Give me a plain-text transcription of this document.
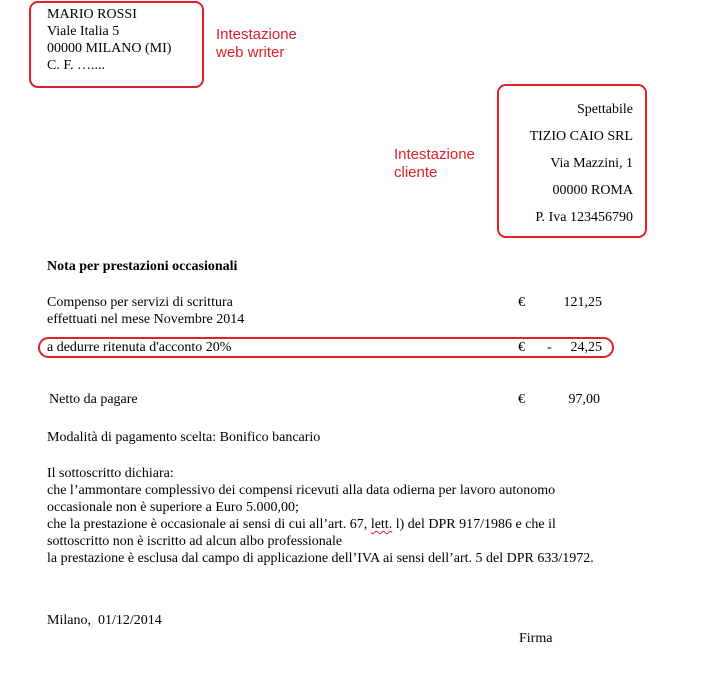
MARIO ROSSI
Viale Italia 5
00000 MILANO (MI)
C. F. …....
Intestazione
web writer
Spettabile
TIZIO CAIO SRL
Via Mazzini, 1
00000 ROMA
P. Iva 123456790
Intestazione
cliente
Nota per prestazioni occasionali
Compenso per servizi di scrittura
effettuati nel mese Novembre 2014
€	121,25
a dedurre ritenuta d'acconto 20%	€ -	24,25
Netto da pagare	€	97,00
Modalità di pagamento scelta: Bonifico bancario
Il sottoscritto dichiara:
che l’ammontare complessivo dei compensi ricevuti alla data odierna per lavoro autonomo
occasionale non è superiore a Euro 5.000,00;
che la prestazione è occasionale ai sensi di cui all’art. 67, lett. l) del DPR 917/1986 e che il
sottoscritto non è iscritto ad alcun albo professionale
la prestazione è esclusa dal campo di applicazione dell’IVA ai sensi dell’art. 5 del DPR 633/1972.
Milano,  01/12/2014
Firma
